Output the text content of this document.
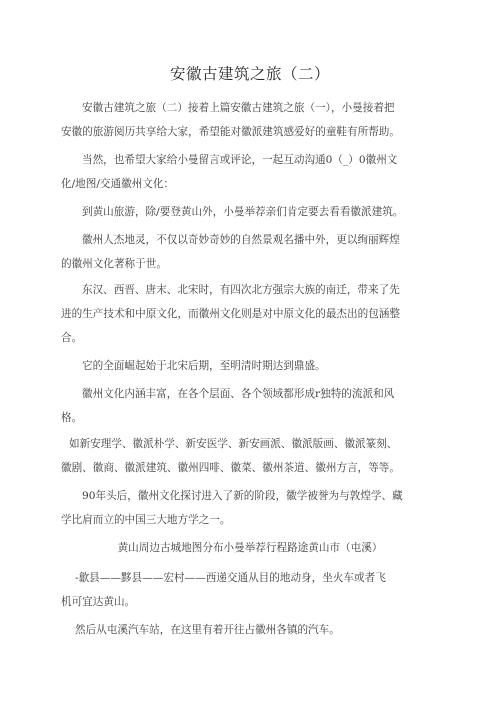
安徽古建筑之旅（二）
安徽古建筑之旅（二）接着上篇安徽古建筑之旅（一），小曼接着把
安徽的旅游阅历共享给大家，希望能对徽派建筑感爱好的童鞋有所帮助。
当然，也希望大家给小曼留言或评论，一起互动沟通0（_）0徽州文
化/地图/交通徽州文化：
到黄山旅游，除/要登黄山外，小曼举荐亲们肯定要去看看徽派建筑。
徽州人杰地灵，不仅以奇妙奇妙的自然景观名播中外，更以绚丽辉煌
的徽州文化著称于世。
东汉、西晋、唐末、北宋时，有四次北方强宗大族的南迁，带来了先
进的生产技术和中原文化，而徽州文化则是对中原文化的最杰出的包涵整
合。
它的全面崛起始于北宋后期，至明清时期达到鼎盛。
徽州文化内涵丰富，在各个层面、各个领域都形成r独特的流派和风
格。
如新安理学、徽派朴学、新安医学、新安画派、徽派版画、徽派篆刻、
徽剧、徽商、徽派建筑、徽州四啡、徽菜、徽州茶道、徽州方言，等等。
90年头后，徽州文化探讨进入了新的阶段，徽学被誉为与敦煌学、藏
学比肩而立的中国三大地方学之一。
黄山周边古城地图分布小曼举荐行程路途黄山市（屯溪）
-歙县——黟县——宏村——西递交通从目的地动身，坐火车或者飞
机可宜达黄山。
然后从屯溪汽车站，在这里有着开往占徽州各镇的汽车。
